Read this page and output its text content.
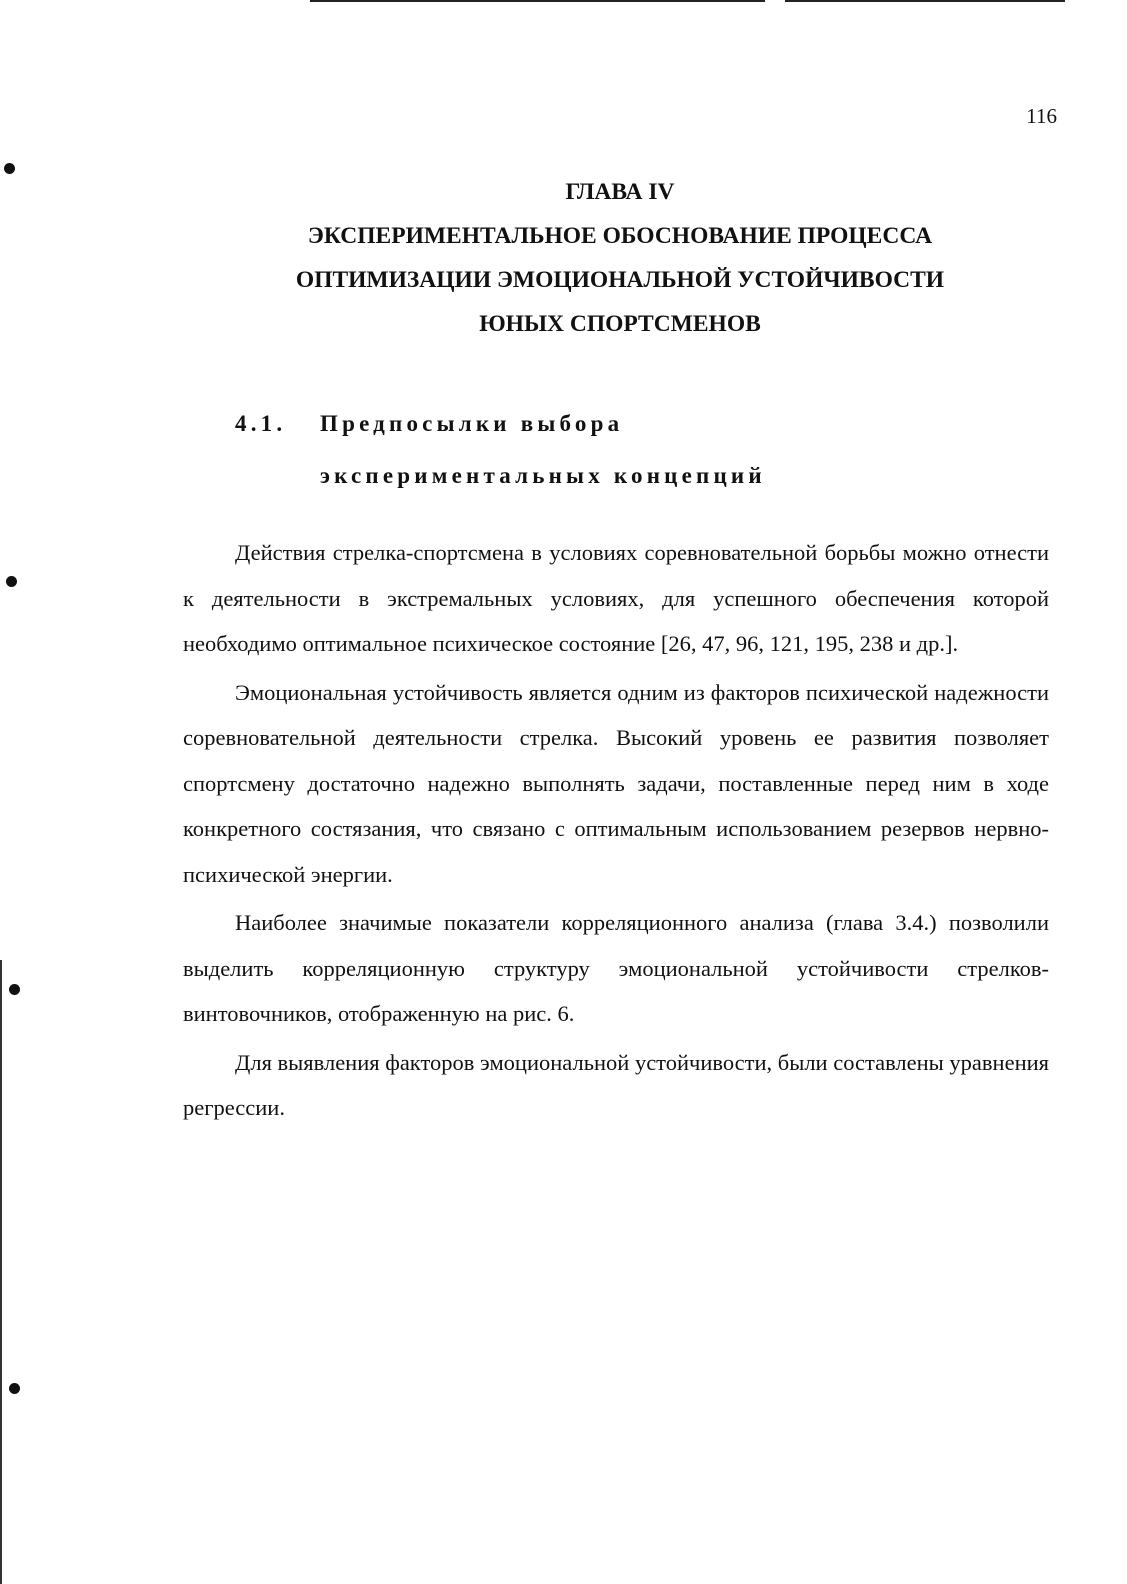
116
ГЛАВА IV
ЭКСПЕРИМЕНТАЛЬНОЕ ОБОСНОВАНИЕ ПРОЦЕССА
ОПТИМИЗАЦИИ ЭМОЦИОНАЛЬНОЙ УСТОЙЧИВОСТИ
ЮНЫХ СПОРТСМЕНОВ
4.1. Предпосылки выбора
экспериментальных концепций

Действия стрелка-спортсмена в условиях соревновательной борьбы можно отнести к деятельности в экстремальных условиях, для успешного обеспечения которой необходимо оптимальное психическое состояние [26, 47, 96, 121, 195, 238 и др.].

Эмоциональная устойчивость является одним из факторов психической надежности соревновательной деятельности стрелка. Высокий уровень ее развития позволяет спортсмену достаточно надежно выполнять задачи, поставленные перед ним в ходе конкретного состязания, что связано с оптимальным использованием резервов нервно-психической энергии.

Наиболее значимые показатели корреляционного анализа (глава 3.4.) позволили выделить корреляционную структуру эмоциональной устойчивости стрелков-винтовочников, отображенную на рис. 6.

Для выявления факторов эмоциональной устойчивости, были составлены уравнения регрессии.
